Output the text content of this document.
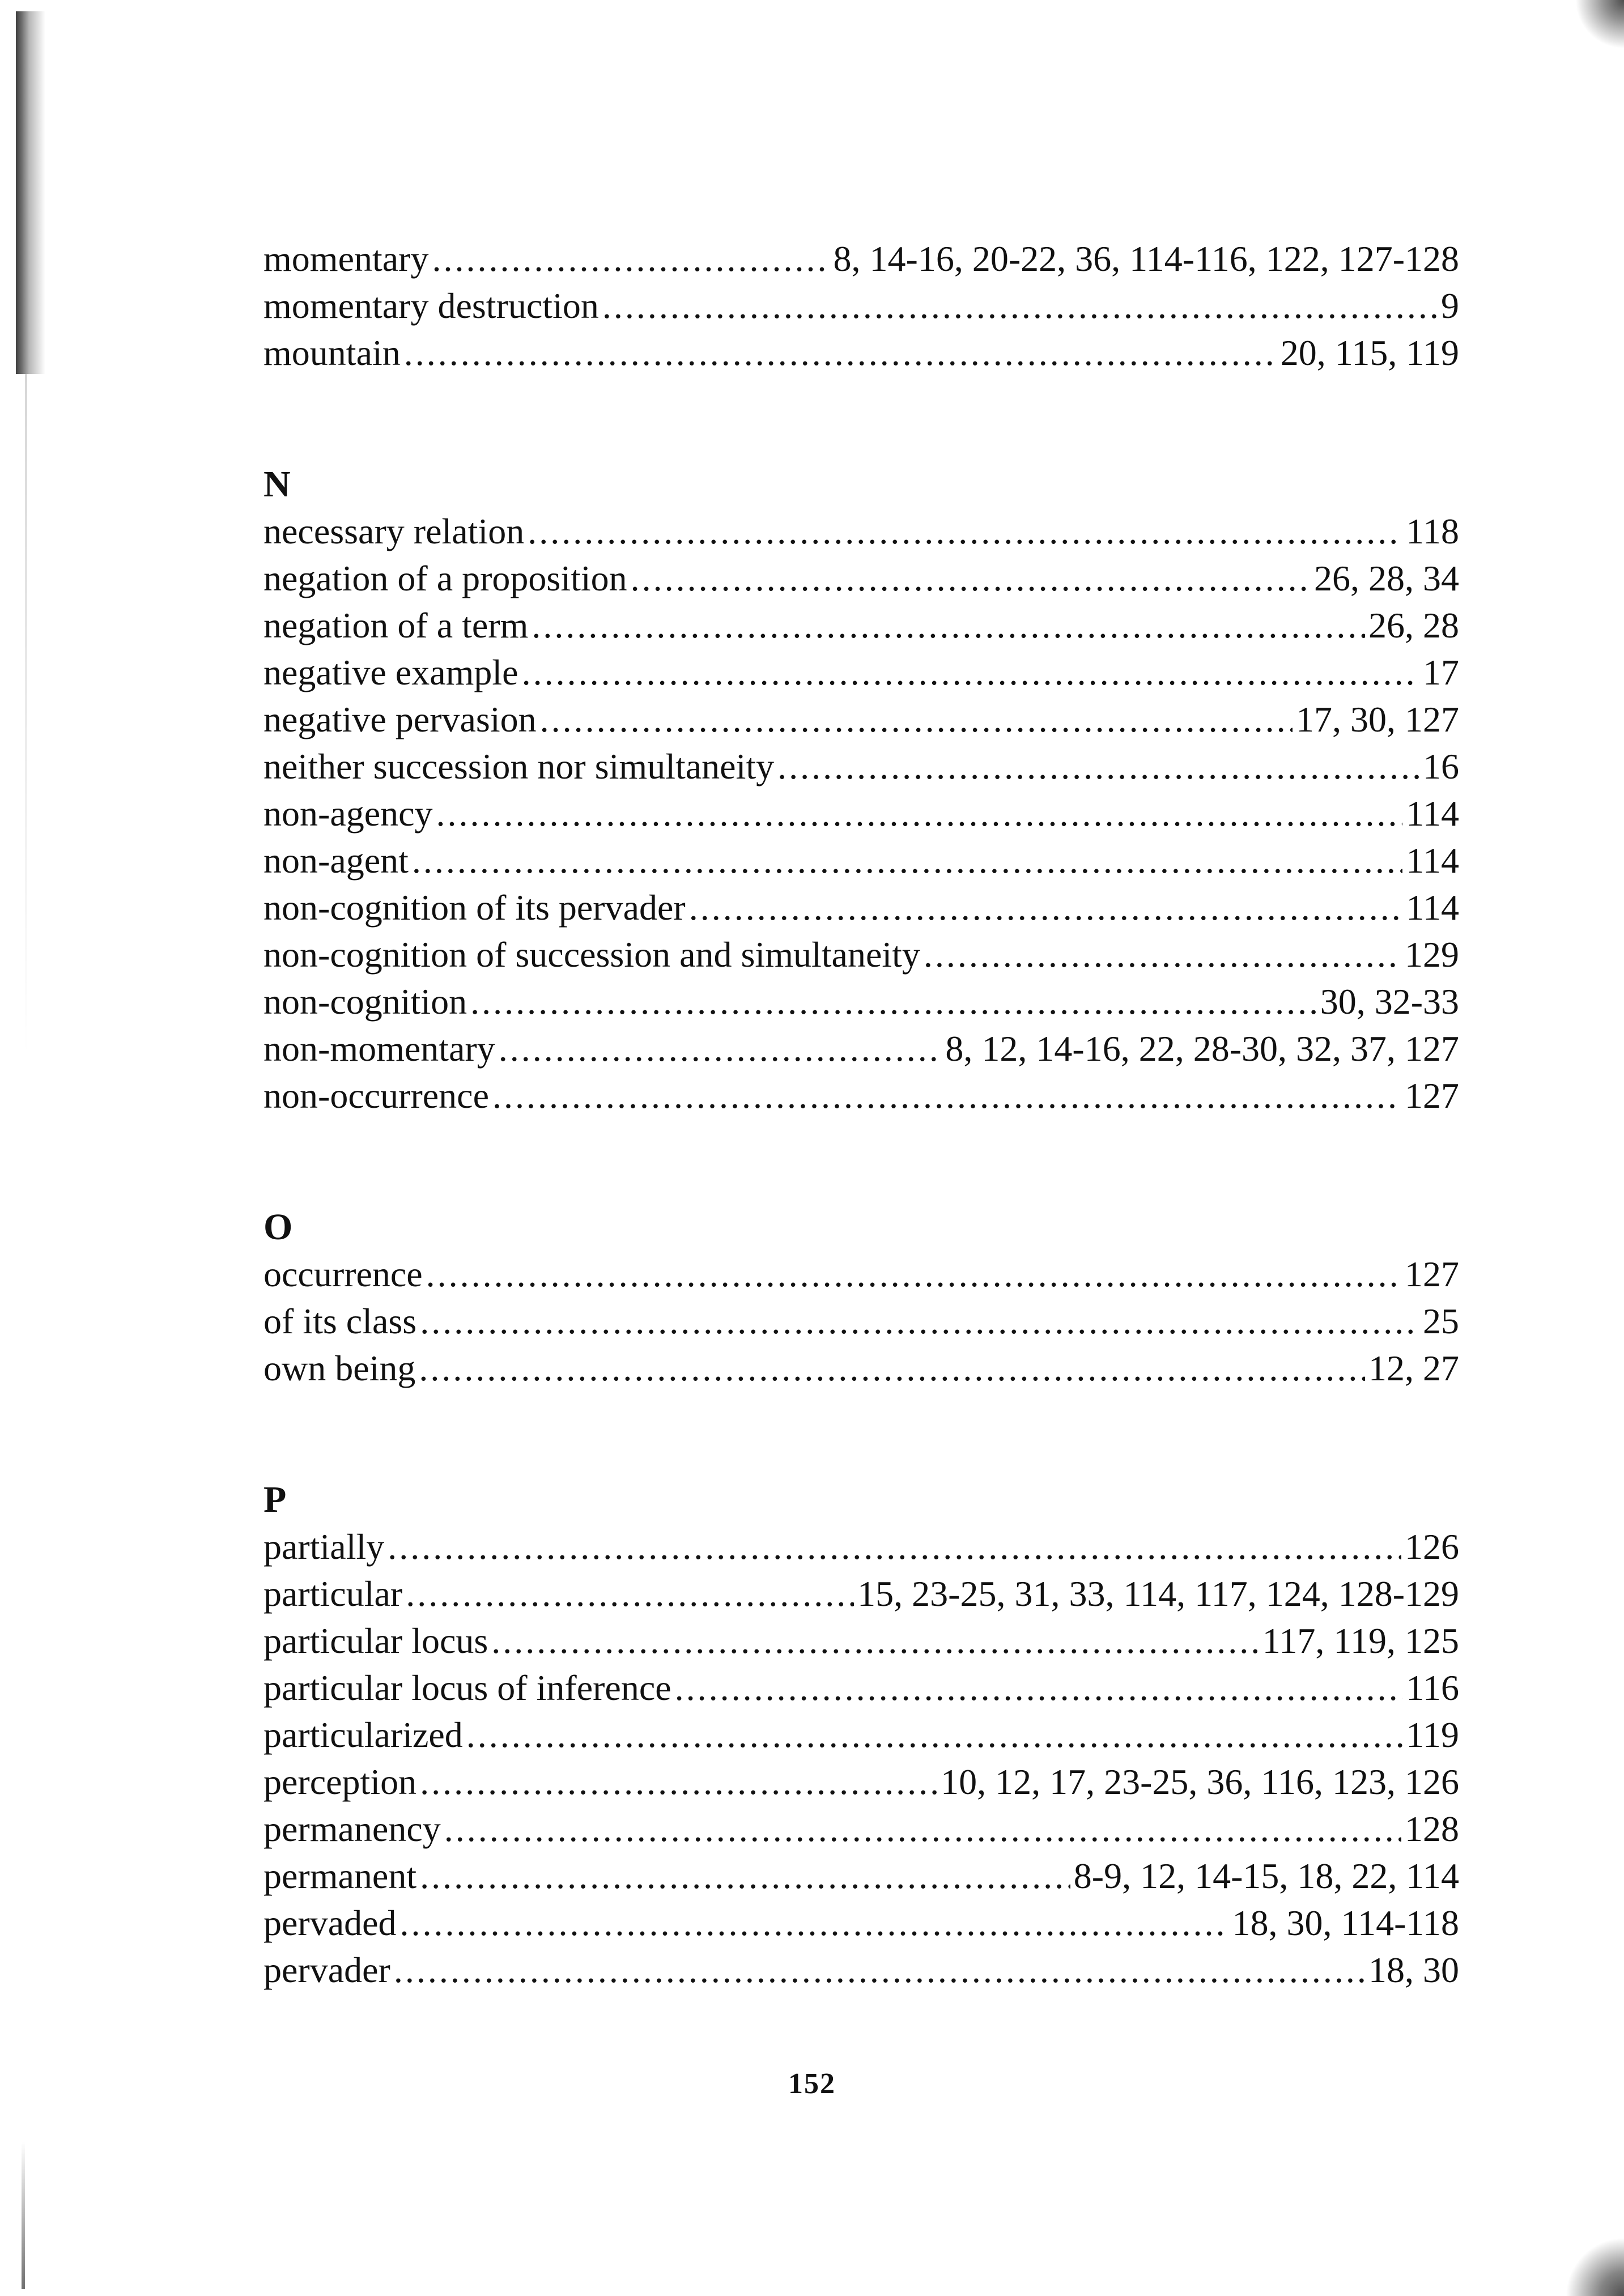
momentary .....	8, 14-16, 20-22, 36, 114-116, 122, 127-128
momentary destruction .....	9
mountain .....	20, 115, 119
N
necessary relation .....	118
negation of a proposition .....	26, 28, 34
negation of a term .....	26, 28
negative example .....	17
negative pervasion .....	17, 30, 127
neither succession nor simultaneity .....	16
non-agency .....	114
non-agent .....	114
non-cognition of its pervader .....	114
non-cognition of succession and simultaneity .....	129
non-cognition .....	30, 32-33
non-momentary .....	8, 12, 14-16, 22, 28-30, 32, 37, 127
non-occurrence .....	127
O
occurrence .....	127
of its class .....	25
own being .....	12, 27
P
partially .....	126
particular .....	15, 23-25, 31, 33, 114, 117, 124, 128-129
particular locus .....	117, 119, 125
particular locus of inference .....	116
particularized .....	119
perception .....	10, 12, 17, 23-25, 36, 116, 123, 126
permanency .....	128
permanent .....	8-9, 12, 14-15, 18, 22, 114
pervaded .....	18, 30, 114-118
pervader .....	18, 30
152
